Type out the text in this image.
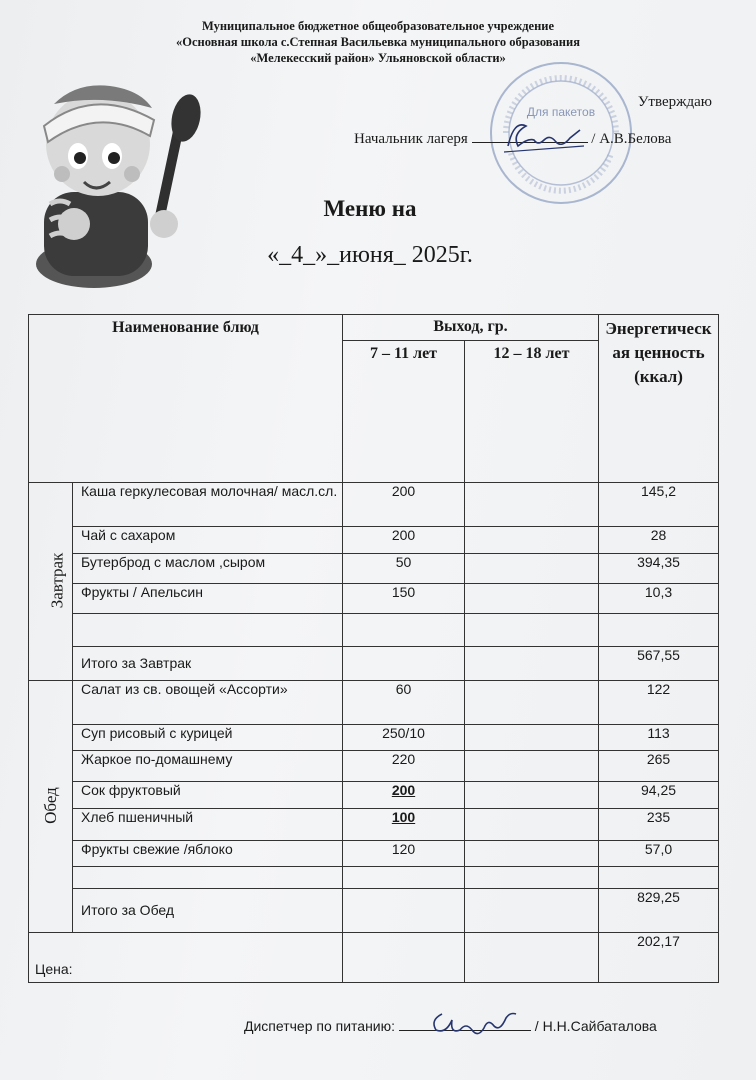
Муниципальное бюджетное общеобразовательное учреждение
«Основная школа с.Степная Васильевка муниципального образования
«Мелекесский район» Ульяновской области»
Для пакетов
Утверждаю
Начальник лагеря	/ А.В.Белова
Меню на
«_4_»_июня_ 2025г.
Наименование блюд		Выход, гр.		Энергетическая ценность (ккал)
		7 – 11 лет	12 – 18 лет	
Завтрак	Каша геркулесовая молочная/ масл.сл.	200		145,2
	Чай с сахаром	200		28
	Бутерброд с маслом ,сыром	50		394,35
	Фрукты / Апельсин	150		10,3

	Итого за Завтрак			567,55
Обед	Салат из св. овощей «Ассорти»	60		122
	Суп рисовый с курицей	250/10		113
	Жаркое по-домашнему	220		265
	Сок фруктовый	200		94,25
	Хлеб пшеничный	100		235
	Фрукты свежие /яблоко	120		57,0

	Итого за Обед			829,25
Цена:				202,17
Диспетчер по питанию:	/ Н.Н.Сайбаталова
